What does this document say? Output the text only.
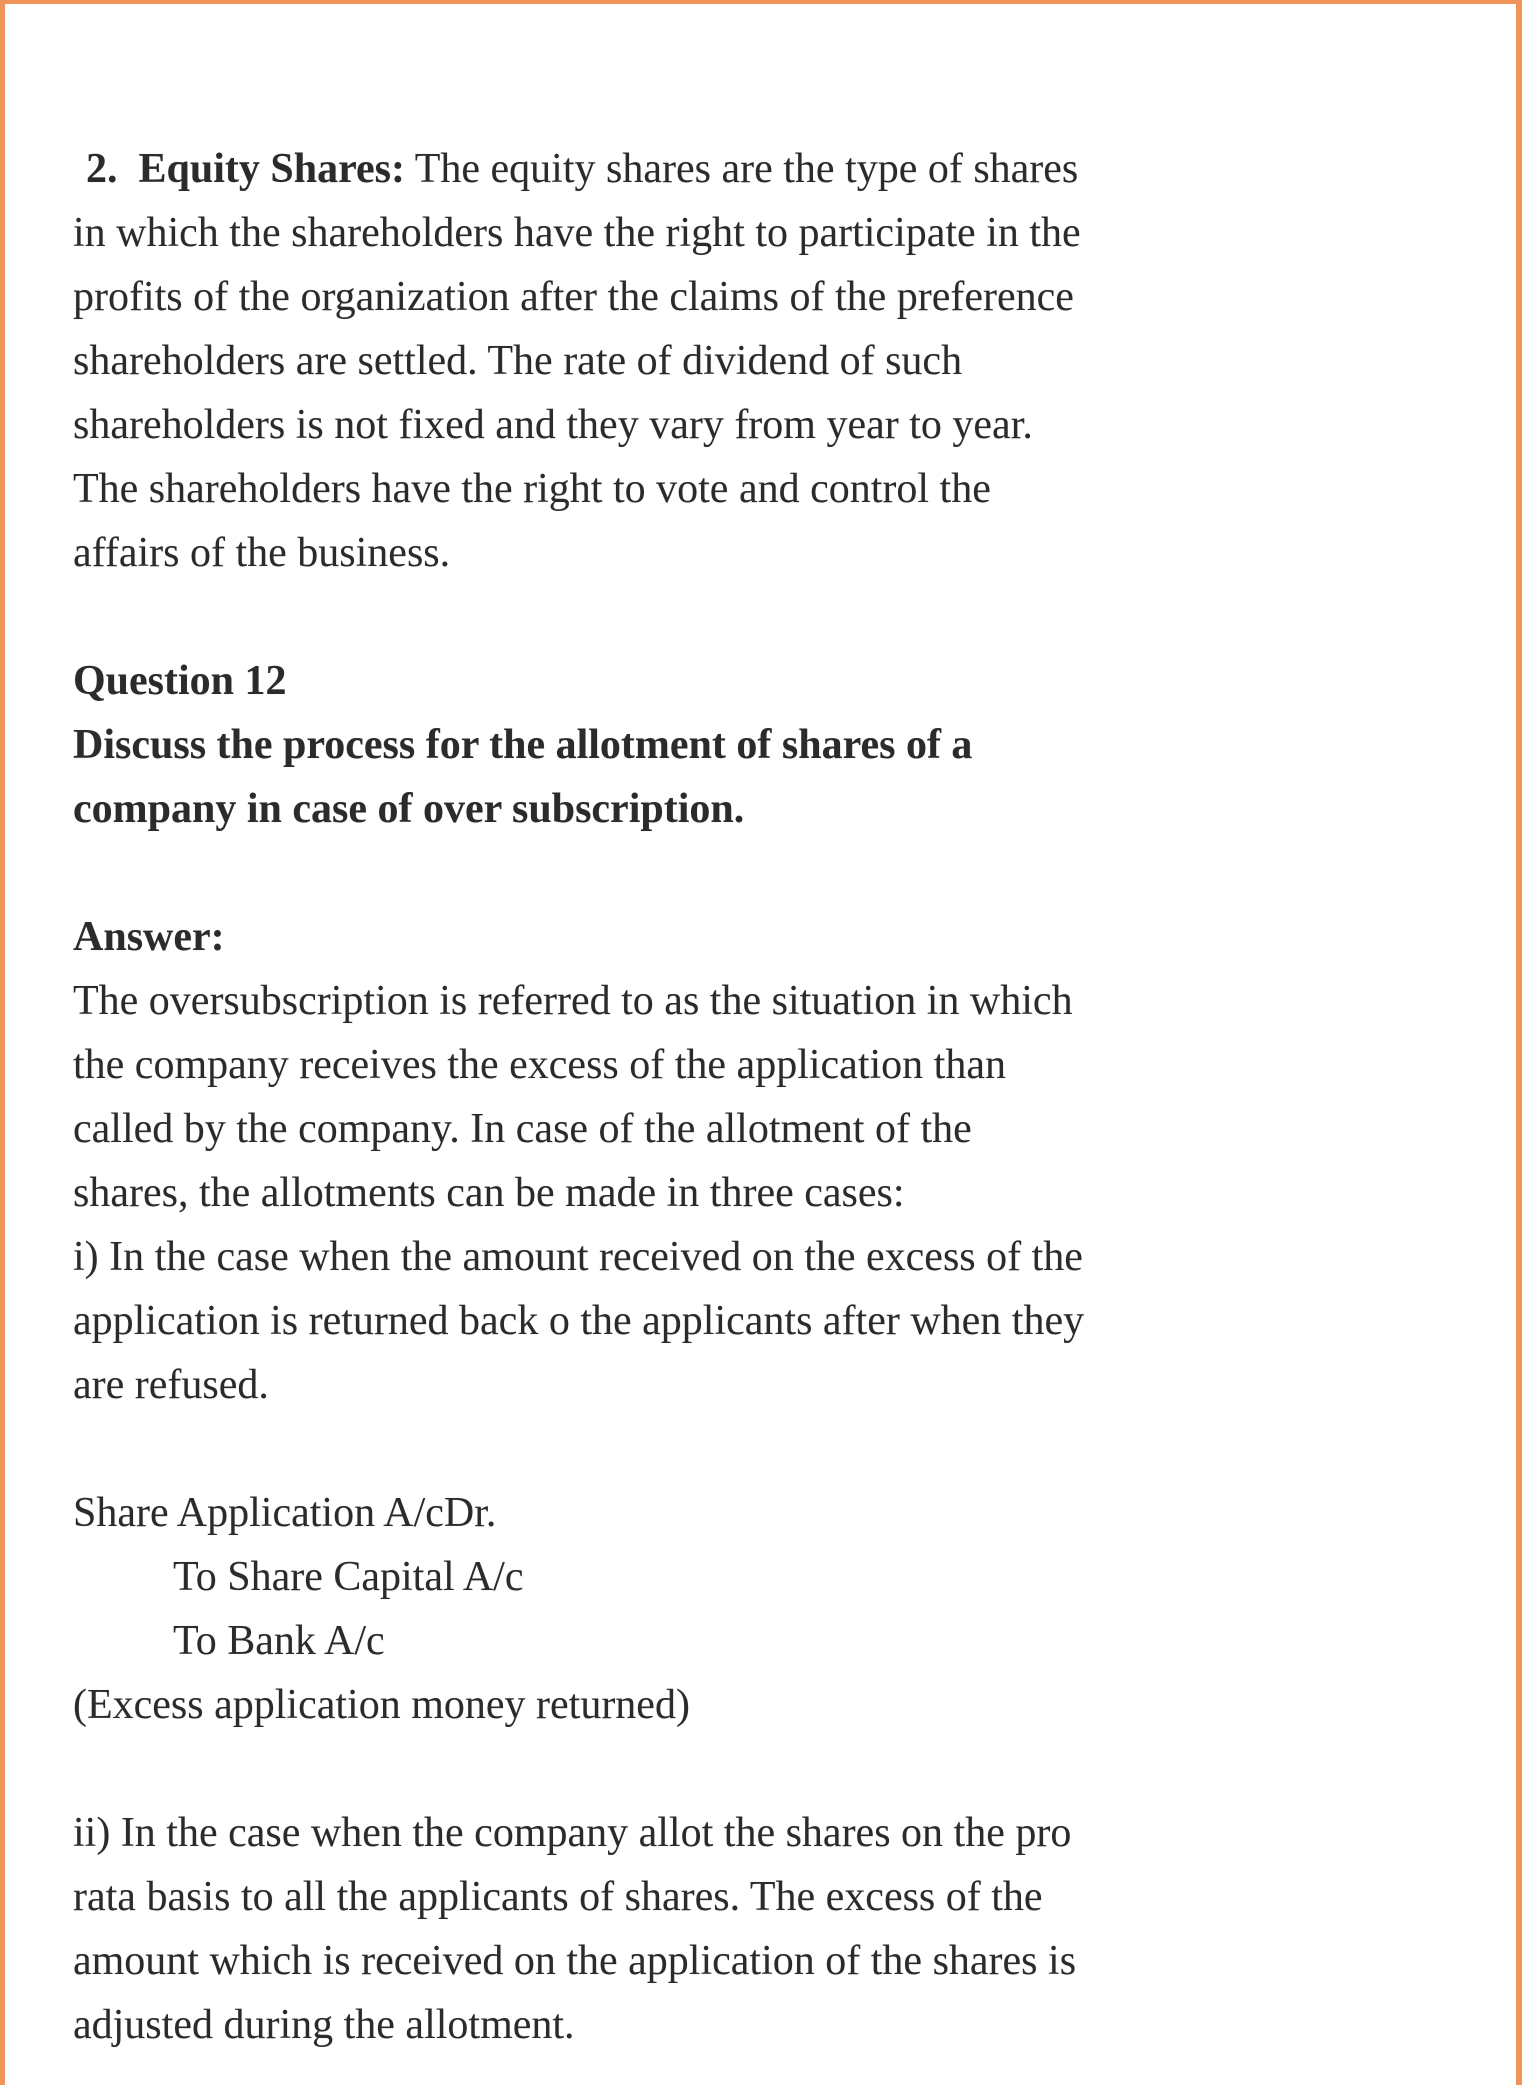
2. Equity Shares: The equity shares are the type of shares
in which the shareholders have the right to participate in the
profits of the organization after the claims of the preference
shareholders are settled. The rate of dividend of such
shareholders is not fixed and they vary from year to year.
The shareholders have the right to vote and control the
affairs of the business.
Question 12
Discuss the process for the allotment of shares of a
company in case of over subscription.
Answer:
The oversubscription is referred to as the situation in which
the company receives the excess of the application than
called by the company. In case of the allotment of the
shares, the allotments can be made in three cases:
i) In the case when the amount received on the excess of the
application is returned back o the applicants after when they
are refused.
Share Application A/cDr.
To Share Capital A/c
To Bank A/c
(Excess application money returned)
ii) In the case when the company allot the shares on the pro
rata basis to all the applicants of shares. The excess of the
amount which is received on the application of the shares is
adjusted during the allotment.
